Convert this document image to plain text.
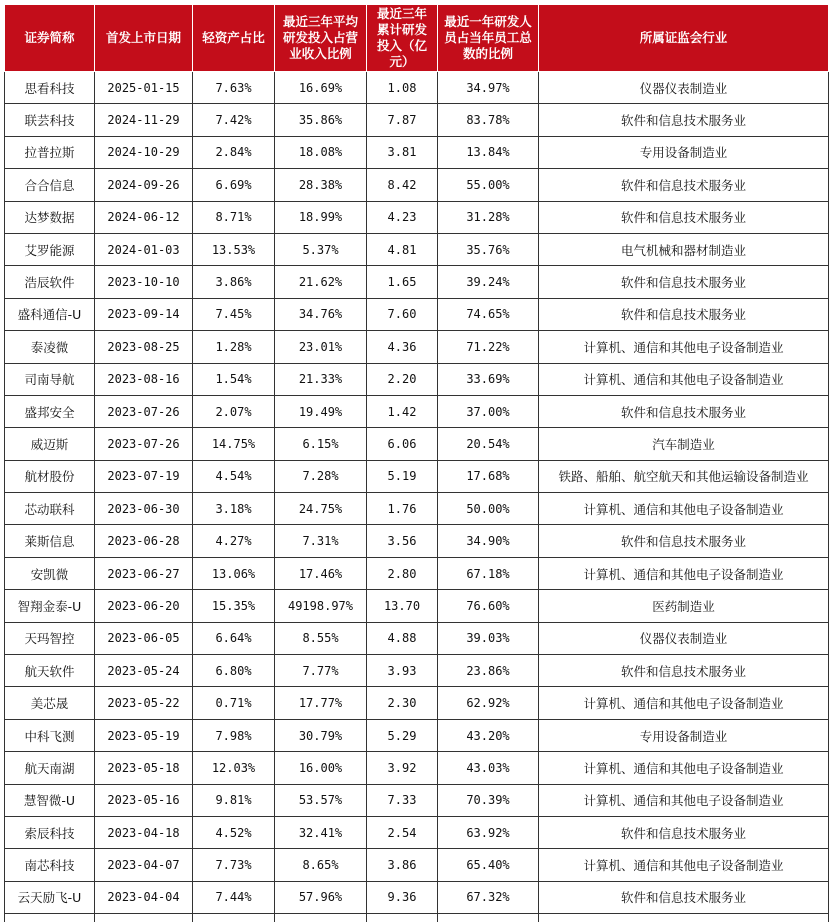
证券简称	首发上市日期	轻资产占比	最近三年平均研发投入占营业收入比例	最近三年累计研发投入（亿元）	最近一年研发人员占当年员工总数的比例	所属证监会行业
思看科技	2025-01-15	7.63%	16.69%	1.08	34.97%	仪器仪表制造业
联芸科技	2024-11-29	7.42%	35.86%	7.87	83.78%	软件和信息技术服务业
拉普拉斯	2024-10-29	2.84%	18.08%	3.81	13.84%	专用设备制造业
合合信息	2024-09-26	6.69%	28.38%	8.42	55.00%	软件和信息技术服务业
达梦数据	2024-06-12	8.71%	18.99%	4.23	31.28%	软件和信息技术服务业
艾罗能源	2024-01-03	13.53%	5.37%	4.81	35.76%	电气机械和器材制造业
浩辰软件	2023-10-10	3.86%	21.62%	1.65	39.24%	软件和信息技术服务业
盛科通信-U	2023-09-14	7.45%	34.76%	7.60	74.65%	软件和信息技术服务业
泰凌微	2023-08-25	1.28%	23.01%	4.36	71.22%	计算机、通信和其他电子设备制造业
司南导航	2023-08-16	1.54%	21.33%	2.20	33.69%	计算机、通信和其他电子设备制造业
盛邦安全	2023-07-26	2.07%	19.49%	1.42	37.00%	软件和信息技术服务业
威迈斯	2023-07-26	14.75%	6.15%	6.06	20.54%	汽车制造业
航材股份	2023-07-19	4.54%	7.28%	5.19	17.68%	铁路、船舶、航空航天和其他运输设备制造业
芯动联科	2023-06-30	3.18%	24.75%	1.76	50.00%	计算机、通信和其他电子设备制造业
莱斯信息	2023-06-28	4.27%	7.31%	3.56	34.90%	软件和信息技术服务业
安凯微	2023-06-27	13.06%	17.46%	2.80	67.18%	计算机、通信和其他电子设备制造业
智翔金泰-U	2023-06-20	15.35%	49198.97%	13.70	76.60%	医药制造业
天玛智控	2023-06-05	6.64%	8.55%	4.88	39.03%	仪器仪表制造业
航天软件	2023-05-24	6.80%	7.77%	3.93	23.86%	软件和信息技术服务业
美芯晟	2023-05-22	0.71%	17.77%	2.30	62.92%	计算机、通信和其他电子设备制造业
中科飞测	2023-05-19	7.98%	30.79%	5.29	43.20%	专用设备制造业
航天南湖	2023-05-18	12.03%	16.00%	3.92	43.03%	计算机、通信和其他电子设备制造业
慧智微-U	2023-05-16	9.81%	53.57%	7.33	70.39%	计算机、通信和其他电子设备制造业
索辰科技	2023-04-18	4.52%	32.41%	2.54	63.92%	软件和信息技术服务业
南芯科技	2023-04-07	7.73%	8.65%	3.86	65.40%	计算机、通信和其他电子设备制造业
云天励飞-U	2023-04-04	7.44%	57.96%	9.36	67.32%	软件和信息技术服务业
